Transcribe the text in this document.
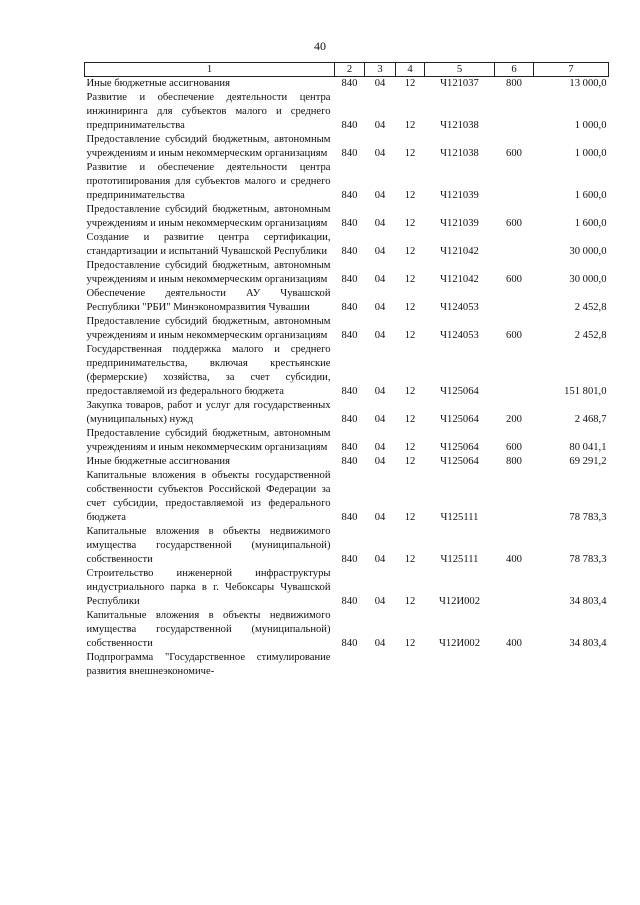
40
1	2	3	4	5	6	7
Иные бюджетные ассигнования	840	04	12	Ч121037	800	13 000,0
Развитие и обеспечение деятельности центра инжиниринга для субъектов малого и среднего предпринимательства	840	04	12	Ч121038		1 000,0
Предоставление субсидий бюджетным, автономным учреждениям и иным некоммерческим организациям	840	04	12	Ч121038	600	1 000,0
Развитие и обеспечение деятельности центра прототипирования для субъектов малого и среднего предпринимательства	840	04	12	Ч121039		1 600,0
Предоставление субсидий бюджетным, автономным учреждениям и иным некоммерческим организациям	840	04	12	Ч121039	600	1 600,0
Создание и развитие центра сертификации, стандартизации и испытаний Чувашской Республики	840	04	12	Ч121042		30 000,0
Предоставление субсидий бюджетным, автономным учреждениям и иным некоммерческим организациям	840	04	12	Ч121042	600	30 000,0
Обеспечение деятельности АУ Чувашской Республики "РБИ" Минэкономразвития Чувашии	840	04	12	Ч124053		2 452,8
Предоставление субсидий бюджетным, автономным учреждениям и иным некоммерческим организациям	840	04	12	Ч124053	600	2 452,8
Государственная поддержка малого и среднего предпринимательства, включая крестьянские (фермерские) хозяйства, за счет субсидии, предоставляемой из федерального бюджета	840	04	12	Ч125064		151 801,0
Закупка товаров, работ и услуг для государственных (муниципальных) нужд	840	04	12	Ч125064	200	2 468,7
Предоставление субсидий бюджетным, автономным учреждениям и иным некоммерческим организациям	840	04	12	Ч125064	600	80 041,1
Иные бюджетные ассигнования	840	04	12	Ч125064	800	69 291,2
Капитальные вложения в объекты государственной собственности субъектов Российской Федерации за счет субсидии, предоставляемой из федерального бюджета	840	04	12	Ч125111		78 783,3
Капитальные вложения в объекты недвижимого имущества государственной (муниципальной) собственности	840	04	12	Ч125111	400	78 783,3
Строительство инженерной инфраструктуры индустриального парка в г. Чебоксары Чувашской Республики	840	04	12	Ч12И002		34 803,4
Капитальные вложения в объекты недвижимого имущества государственной (муниципальной) собственности	840	04	12	Ч12И002	400	34 803,4
Подпрограмма "Государственное стимулирование развития внешнеэкономиче-						
